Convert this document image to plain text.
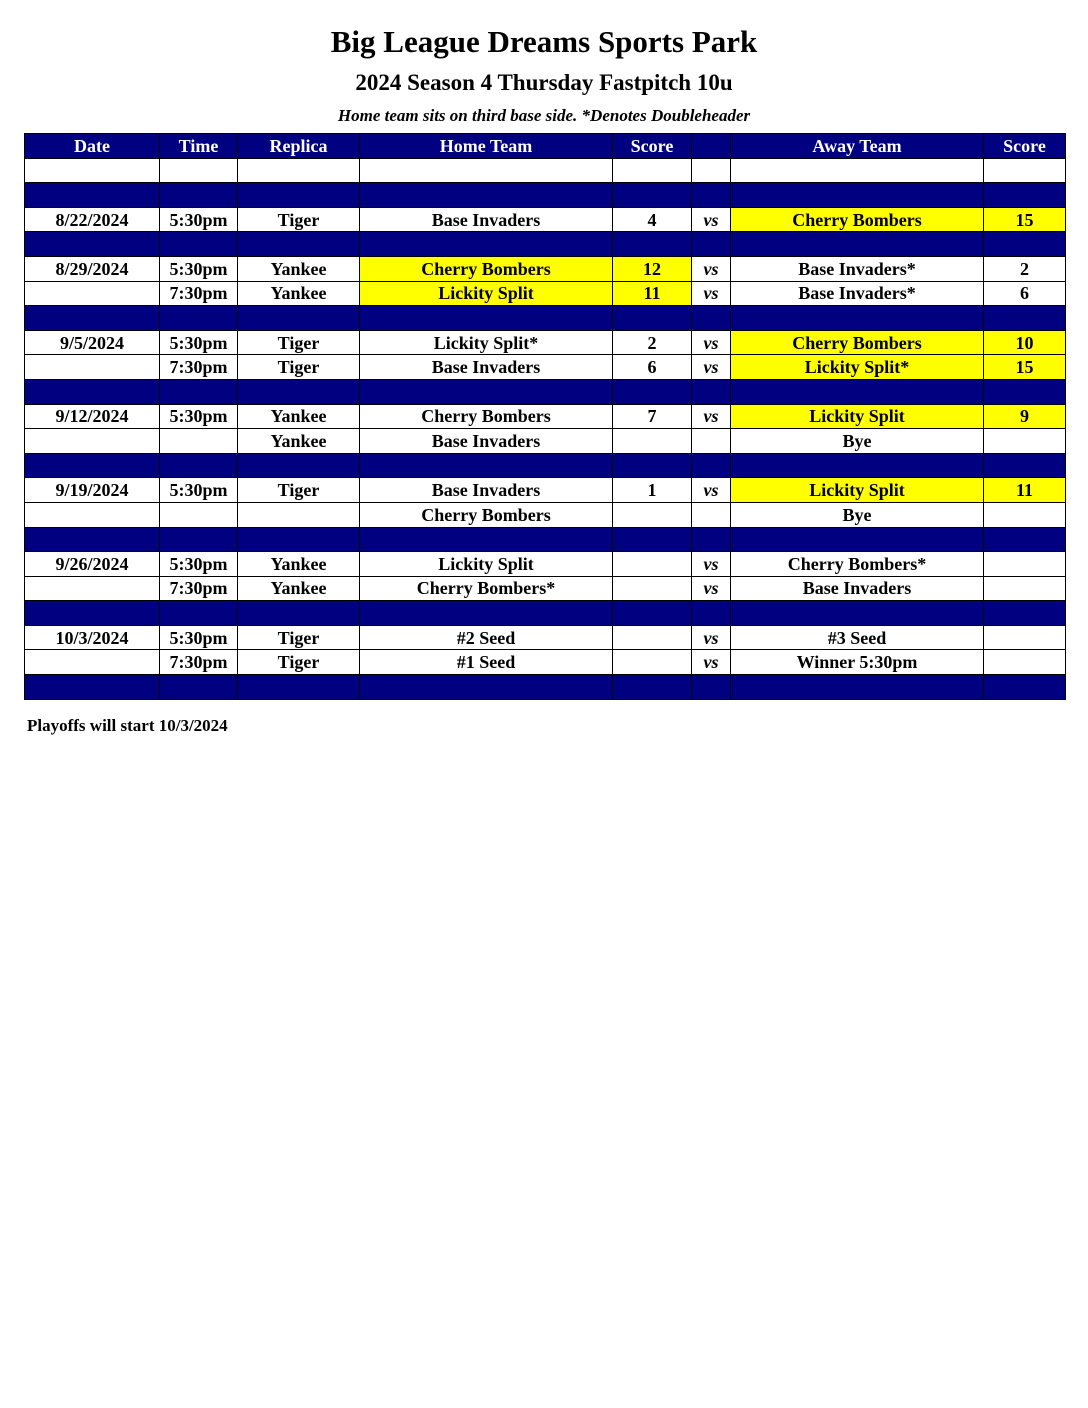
Big League Dreams Sports Park
2024 Season 4 Thursday Fastpitch 10u
Home team sits on third base side. *Denotes Doubleheader
Date	Time	Replica	Home Team	Score		Away Team	Score

8/22/2024	5:30pm	Tiger	Base Invaders	4	vs	Cherry Bombers	15

8/29/2024	5:30pm	Yankee	Cherry Bombers	12	vs	Base Invaders*	2
	7:30pm	Yankee	Lickity Split	11	vs	Base Invaders*	6

9/5/2024	5:30pm	Tiger	Lickity Split*	2	vs	Cherry Bombers	10
	7:30pm	Tiger	Base Invaders	6	vs	Lickity Split*	15

9/12/2024	5:30pm	Yankee	Cherry Bombers	7	vs	Lickity Split	9
		Yankee	Base Invaders			Bye	

9/19/2024	5:30pm	Tiger	Base Invaders	1	vs	Lickity Split	11
			Cherry Bombers			Bye	

9/26/2024	5:30pm	Yankee	Lickity Split		vs	Cherry Bombers*	
	7:30pm	Yankee	Cherry Bombers*		vs	Base Invaders	

10/3/2024	5:30pm	Tiger	#2 Seed		vs	#3 Seed	
	7:30pm	Tiger	#1 Seed		vs	Winner 5:30pm	

Playoffs will start 10/3/2024
